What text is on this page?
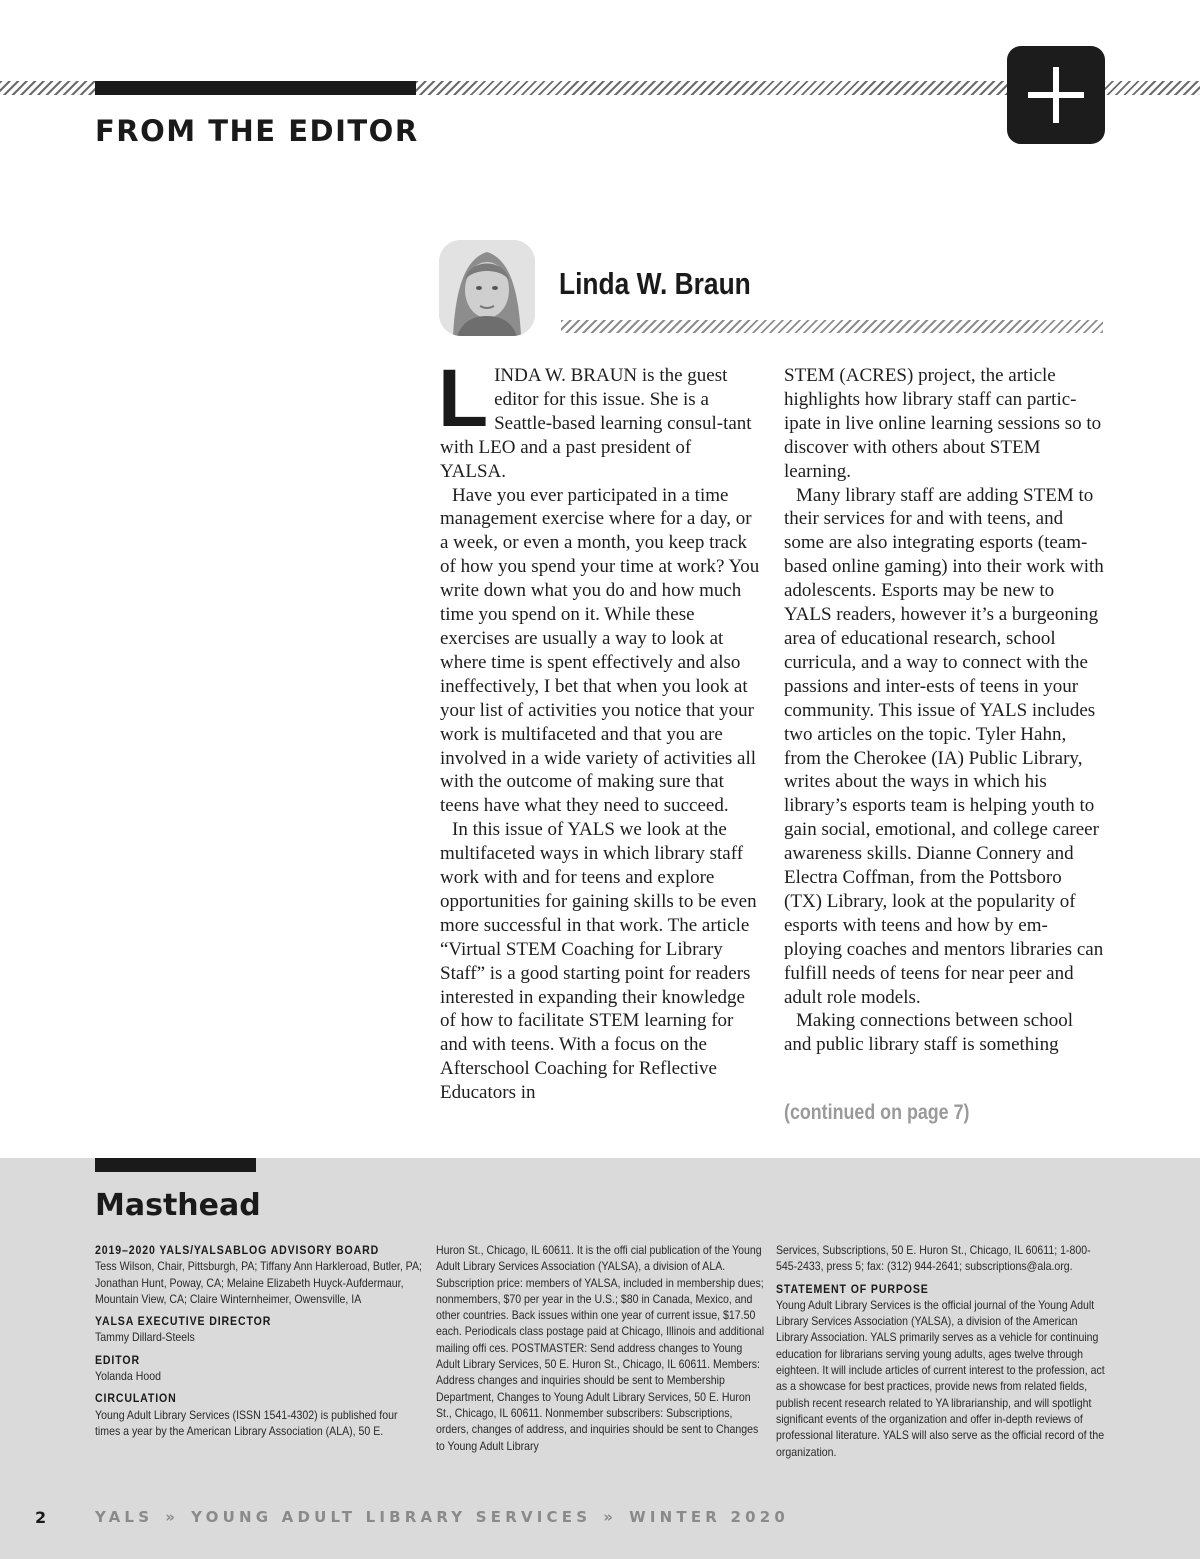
FROM THE EDITOR
Linda W. Braun

LINDA W. BRAUN is the guest editor for this issue. She is a Seattle-based learning consul-tant with LEO and a past president of YALSA.

Have you ever participated in a time management exercise where for a day, or a week, or even a month, you keep track of how you spend your time at work? You write down what you do and how much time you spend on it. While these exercises are usually a way to look at where time is spent effectively and also ineffectively, I bet that when you look at your list of activities you notice that your work is multifaceted and that you are involved in a wide variety of activities all with the outcome of making sure that teens have what they need to succeed.

In this issue of YALS we look at the multifaceted ways in which library staff work with and for teens and explore opportunities for gaining skills to be even more successful in that work. The article “Virtual STEM Coaching for Library Staff” is a good starting point for readers interested in expanding their knowledge of how to facilitate STEM learning for and with teens. With a focus on the Afterschool Coaching for Reflective Educators in

STEM (ACRES) project, the article highlights how library staff can partic-ipate in live online learning sessions so to discover with others about STEM learning.

Many library staff are adding STEM to their services for and with teens, and some are also integrating esports (team-based online gaming) into their work with adolescents. Esports may be new to YALS readers, however it’s a burgeoning area of educational research, school curricula, and a way to connect with the passions and inter-ests of teens in your community. This issue of YALS includes two articles on the topic. Tyler Hahn, from the Cherokee (IA) Public Library, writes about the ways in which his library’s esports team is helping youth to gain social, emotional, and college career awareness skills. Dianne Connery and Electra Coffman, from the Pottsboro (TX) Library, look at the popularity of esports with teens and how by em-ploying coaches and mentors libraries can fulfill needs of teens for near peer and adult role models.

Making connections between school and public library staff is something

(continued on page 7)
Masthead
2019–2020 YALS/YALSABLOG ADVISORY BOARD

Tess Wilson, Chair, Pittsburgh, PA; Tiffany Ann Harkleroad, Butler, PA; Jonathan Hunt, Poway, CA; Melaine Elizabeth Huyck-Aufdermaur, Mountain View, CA; Claire Winternheimer, Owensville, IA

YALSA EXECUTIVE DIRECTOR

Tammy Dillard-Steels

EDITOR

Yolanda Hood

CIRCULATION

Young Adult Library Services (ISSN 1541-4302) is published four times a year by the American Library Association (ALA), 50 E.

Huron St., Chicago, IL 60611. It is the offi cial publication of the Young Adult Library Services Association (YALSA), a division of ALA. Subscription price: members of YALSA, included in membership dues; nonmembers, $70 per year in the U.S.; $80 in Canada, Mexico, and other countries. Back issues within one year of current issue, $17.50 each. Periodicals class postage paid at Chicago, Illinois and additional mailing offi ces. POSTMASTER: Send address changes to Young Adult Library Services, 50 E. Huron St., Chicago, IL 60611. Members: Address changes and inquiries should be sent to Membership Department, Changes to Young Adult Library Services, 50 E. Huron St., Chicago, IL 60611. Nonmember subscribers: Subscriptions, orders, changes of address, and inquiries should be sent to Changes to Young Adult Library

Services, Subscriptions, 50 E. Huron St., Chicago, IL 60611; 1-800-545-2433, press 5; fax: (312) 944-2641; subscriptions@ala.org.

STATEMENT OF PURPOSE

Young Adult Library Services is the official journal of the Young Adult Library Services Association (YALSA), a division of the American Library Association. YALS primarily serves as a vehicle for continuing education for librarians serving young adults, ages twelve through eighteen. It will include articles of current interest to the profession, act as a showcase for best practices, provide news from related fields, publish recent research related to YA librarianship, and will spotlight significant events of the organization and offer in-depth reviews of professional literature. YALS will also serve as the official record of the organization.

2	YALS » YOUNG ADULT LIBRARY SERVICES » WINTER 2020
